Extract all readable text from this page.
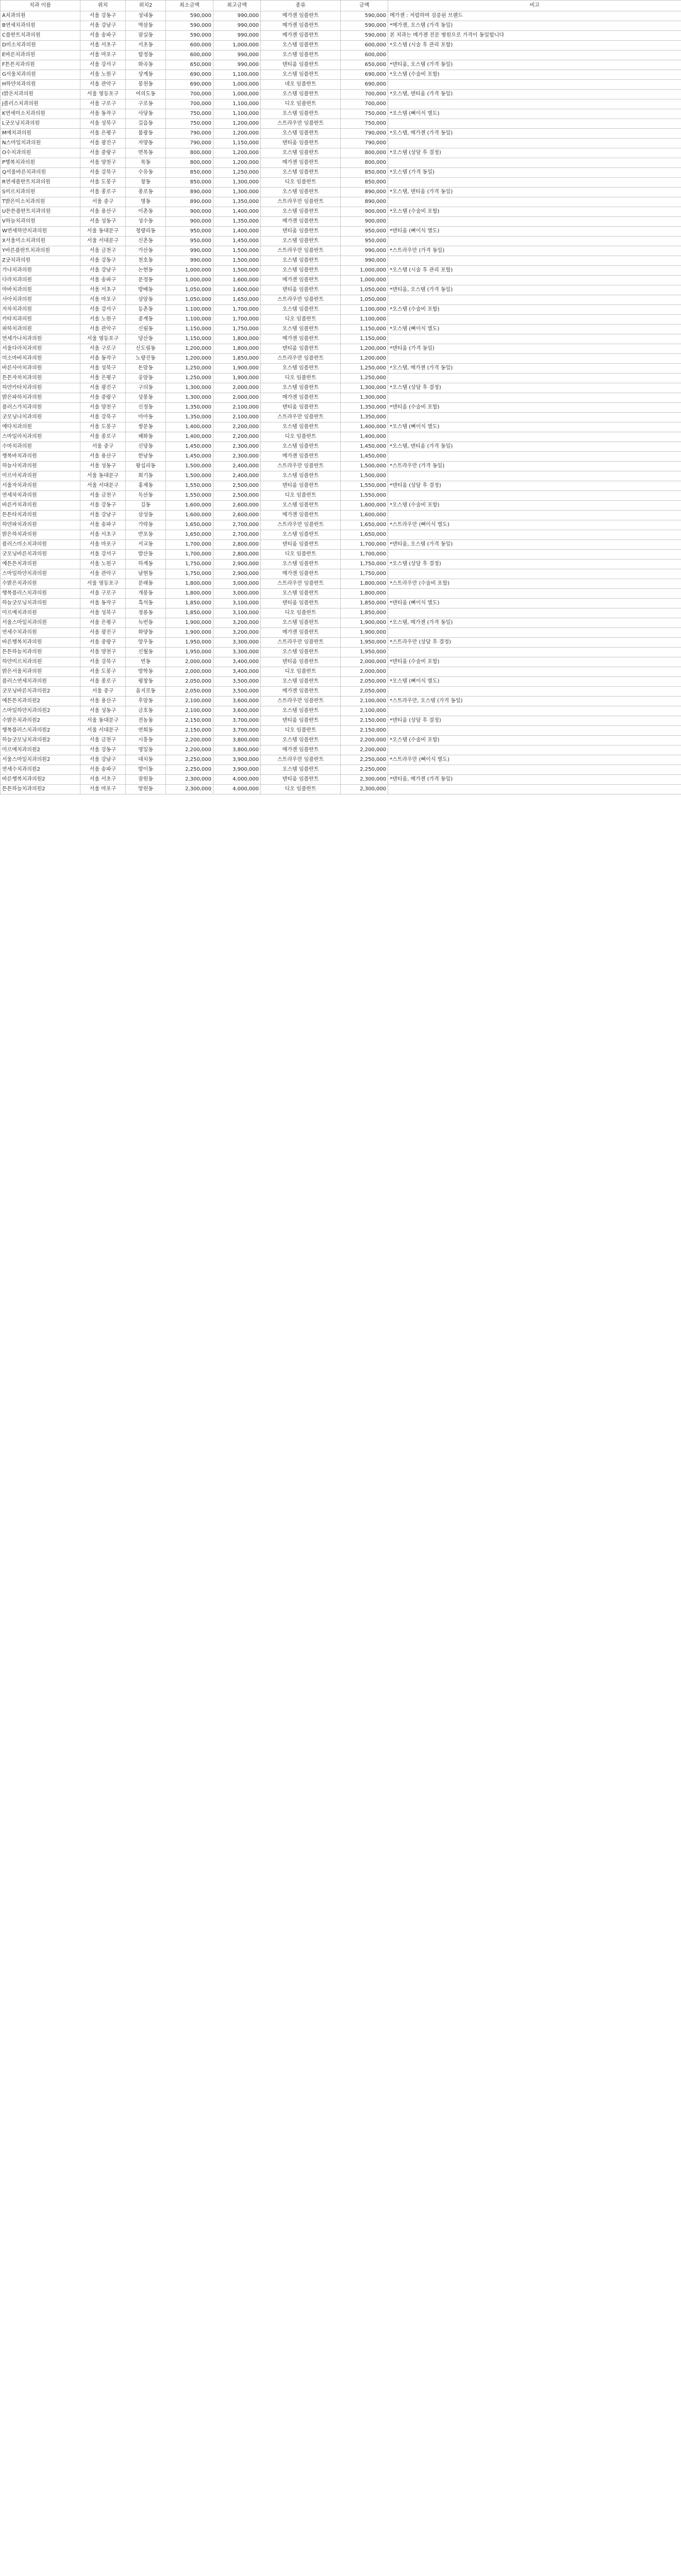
치과 이름	위치	위치2	최소금액	최고금액	종류	금액	비고
A치과의원	서울 강동구	성내동	590,000	990,000	메가젠 임플란트	590,000	메가젠 : 저렴하며 검증된 브랜드
B연세치과의원	서울 강남구	역삼동	590,000	990,000	메가젠 임플란트	590,000	*메가젠, 오스템 (가격 동일)
C플란트치과의원	서울 송파구	잠실동	590,000	990,000	메가젠 임플란트	590,000	본 치과는 메가젠 전문 병원으로 가격이 동일합니다
D미소치과의원	서울 서초구	서초동	600,000	1,000,000	오스템 임플란트	600,000	*오스템 (시술 후 관리 포함)
E바른치과의원	서울 마포구	합정동	600,000	990,000	오스템 임플란트	600,000	
F튼튼치과의원	서울 강서구	화곡동	650,000	990,000	덴티움 임플란트	650,000	*덴티움, 오스템 (가격 동일)
G서울치과의원	서울 노원구	상계동	690,000	1,100,000	오스템 임플란트	690,000	*오스템 (수술비 포함)
H하얀치과의원	서울 관악구	봉천동	690,000	1,000,000	네오 임플란트	690,000	
I밝은치과의원	서울 영등포구	여의도동	700,000	1,000,000	오스템 임플란트	700,000	*오스템, 덴티움 (가격 동일)
J플러스치과의원	서울 구로구	구로동	700,000	1,100,000	디오 임플란트	700,000	
K연세미소치과의원	서울 동작구	사당동	750,000	1,100,000	오스템 임플란트	750,000	*오스템 (뼈이식 별도)
L굿모닝치과의원	서울 성북구	길음동	750,000	1,200,000	스트라우만 임플란트	750,000	
M예치과의원	서울 은평구	불광동	790,000	1,200,000	오스템 임플란트	790,000	*오스템, 메가젠 (가격 동일)
N스마일치과의원	서울 광진구	자양동	790,000	1,150,000	덴티움 임플란트	790,000	
O수치과의원	서울 중랑구	면목동	800,000	1,200,000	오스템 임플란트	800,000	*오스템 (상담 후 결정)
P행복치과의원	서울 양천구	목동	800,000	1,200,000	메가젠 임플란트	800,000	
Q서울바른치과의원	서울 강북구	수유동	850,000	1,250,000	오스템 임플란트	850,000	*오스템 (가격 동일)
R연세플란트치과의원	서울 도봉구	창동	850,000	1,300,000	디오 임플란트	850,000	
S미르치과의원	서울 종로구	종로동	890,000	1,300,000	오스템 임플란트	890,000	*오스템, 덴티움 (가격 동일)
T밝은미소치과의원	서울 중구	명동	890,000	1,350,000	스트라우만 임플란트	890,000	
U튼튼플란트치과의원	서울 용산구	이촌동	900,000	1,400,000	오스템 임플란트	900,000	*오스템 (수술비 포함)
V하늘치과의원	서울 성동구	성수동	900,000	1,350,000	메가젠 임플란트	900,000	
W연세하얀치과의원	서울 동대문구	청량리동	950,000	1,400,000	덴티움 임플란트	950,000	*덴티움 (뼈이식 별도)
X서울미소치과의원	서울 서대문구	신촌동	950,000	1,450,000	오스템 임플란트	950,000	
Y바른플란트치과의원	서울 금천구	가산동	990,000	1,500,000	스트라우만 임플란트	990,000	*스트라우만 (가격 동일)
Z굿치과의원	서울 강동구	천호동	990,000	1,500,000	오스템 임플란트	990,000	
가나치과의원	서울 강남구	논현동	1,000,000	1,500,000	오스템 임플란트	1,000,000	*오스템 (시술 후 관리 포함)
다라치과의원	서울 송파구	문정동	1,000,000	1,600,000	메가젠 임플란트	1,000,000	
마바치과의원	서울 서초구	방배동	1,050,000	1,600,000	덴티움 임플란트	1,050,000	*덴티움, 오스템 (가격 동일)
사아치과의원	서울 마포구	상암동	1,050,000	1,650,000	스트라우만 임플란트	1,050,000	
자차치과의원	서울 강서구	등촌동	1,100,000	1,700,000	오스템 임플란트	1,100,000	*오스템 (수술비 포함)
카타치과의원	서울 노원구	중계동	1,100,000	1,700,000	디오 임플란트	1,100,000	
파하치과의원	서울 관악구	신림동	1,150,000	1,750,000	오스템 임플란트	1,150,000	*오스템 (뼈이식 별도)
연세가나치과의원	서울 영등포구	당산동	1,150,000	1,800,000	메가젠 임플란트	1,150,000	
서울다라치과의원	서울 구로구	신도림동	1,200,000	1,800,000	덴티움 임플란트	1,200,000	*덴티움 (가격 동일)
미소마바치과의원	서울 동작구	노량진동	1,200,000	1,850,000	스트라우만 임플란트	1,200,000	
바른사아치과의원	서울 성북구	돈암동	1,250,000	1,900,000	오스템 임플란트	1,250,000	*오스템, 메가젠 (가격 동일)
튼튼자차치과의원	서울 은평구	응암동	1,250,000	1,900,000	디오 임플란트	1,250,000	
하얀카타치과의원	서울 광진구	구의동	1,300,000	2,000,000	오스템 임플란트	1,300,000	*오스템 (상담 후 결정)
밝은파하치과의원	서울 중랑구	상봉동	1,300,000	2,000,000	메가젠 임플란트	1,300,000	
플러스가치과의원	서울 양천구	신정동	1,350,000	2,100,000	덴티움 임플란트	1,350,000	*덴티움 (수술비 포함)
굿모닝나치과의원	서울 강북구	미아동	1,350,000	2,100,000	스트라우만 임플란트	1,350,000	
예다치과의원	서울 도봉구	쌍문동	1,400,000	2,200,000	오스템 임플란트	1,400,000	*오스템 (뼈이식 별도)
스마일라치과의원	서울 종로구	혜화동	1,400,000	2,200,000	디오 임플란트	1,400,000	
수마치과의원	서울 중구	신당동	1,450,000	2,300,000	오스템 임플란트	1,450,000	*오스템, 덴티움 (가격 동일)
행복바치과의원	서울 용산구	한남동	1,450,000	2,300,000	메가젠 임플란트	1,450,000	
하늘사치과의원	서울 성동구	왕십리동	1,500,000	2,400,000	스트라우만 임플란트	1,500,000	*스트라우만 (가격 동일)
미르아치과의원	서울 동대문구	회기동	1,500,000	2,400,000	오스템 임플란트	1,500,000	
서울자치과의원	서울 서대문구	홍제동	1,550,000	2,500,000	덴티움 임플란트	1,550,000	*덴티움 (상담 후 결정)
연세차치과의원	서울 금천구	독산동	1,550,000	2,500,000	디오 임플란트	1,550,000	
바른카치과의원	서울 강동구	길동	1,600,000	2,600,000	오스템 임플란트	1,600,000	*오스템 (수술비 포함)
튼튼타치과의원	서울 강남구	삼성동	1,600,000	2,600,000	메가젠 임플란트	1,600,000	
하얀파치과의원	서울 송파구	가락동	1,650,000	2,700,000	스트라우만 임플란트	1,650,000	*스트라우만 (뼈이식 별도)
밝은하치과의원	서울 서초구	반포동	1,650,000	2,700,000	오스템 임플란트	1,650,000	
플러스미소치과의원	서울 마포구	서교동	1,700,000	2,800,000	덴티움 임플란트	1,700,000	*덴티움, 오스템 (가격 동일)
굿모닝바른치과의원	서울 강서구	발산동	1,700,000	2,800,000	디오 임플란트	1,700,000	
예튼튼치과의원	서울 노원구	하계동	1,750,000	2,900,000	오스템 임플란트	1,750,000	*오스템 (상담 후 결정)
스마일하얀치과의원	서울 관악구	남현동	1,750,000	2,900,000	메가젠 임플란트	1,750,000	
수밝은치과의원	서울 영등포구	문래동	1,800,000	3,000,000	스트라우만 임플란트	1,800,000	*스트라우만 (수술비 포함)
행복플러스치과의원	서울 구로구	개봉동	1,800,000	3,000,000	오스템 임플란트	1,800,000	
하늘굿모닝치과의원	서울 동작구	흑석동	1,850,000	3,100,000	덴티움 임플란트	1,850,000	*덴티움 (뼈이식 별도)
미르예치과의원	서울 성북구	정릉동	1,850,000	3,100,000	디오 임플란트	1,850,000	
서울스마일치과의원	서울 은평구	녹번동	1,900,000	3,200,000	오스템 임플란트	1,900,000	*오스템, 메가젠 (가격 동일)
연세수치과의원	서울 광진구	화양동	1,900,000	3,200,000	메가젠 임플란트	1,900,000	
바른행복치과의원	서울 중랑구	망우동	1,950,000	3,300,000	스트라우만 임플란트	1,950,000	*스트라우만 (상담 후 결정)
튼튼하늘치과의원	서울 양천구	신월동	1,950,000	3,300,000	오스템 임플란트	1,950,000	
하얀미르치과의원	서울 강북구	번동	2,000,000	3,400,000	덴티움 임플란트	2,000,000	*덴티움 (수술비 포함)
밝은서울치과의원	서울 도봉구	방학동	2,000,000	3,400,000	디오 임플란트	2,000,000	
플러스연세치과의원	서울 종로구	평창동	2,050,000	3,500,000	오스템 임플란트	2,050,000	*오스템 (뼈이식 별도)
굿모닝바른치과의원2	서울 중구	을지로동	2,050,000	3,500,000	메가젠 임플란트	2,050,000	
예튼튼치과의원2	서울 용산구	후암동	2,100,000	3,600,000	스트라우만 임플란트	2,100,000	*스트라우만, 오스템 (가격 동일)
스마일하얀치과의원2	서울 성동구	금호동	2,100,000	3,600,000	오스템 임플란트	2,100,000	
수밝은치과의원2	서울 동대문구	전농동	2,150,000	3,700,000	덴티움 임플란트	2,150,000	*덴티움 (상담 후 결정)
행복플러스치과의원2	서울 서대문구	연희동	2,150,000	3,700,000	디오 임플란트	2,150,000	
하늘굿모닝치과의원2	서울 금천구	시흥동	2,200,000	3,800,000	오스템 임플란트	2,200,000	*오스템 (수술비 포함)
미르예치과의원2	서울 강동구	명일동	2,200,000	3,800,000	메가젠 임플란트	2,200,000	
서울스마일치과의원2	서울 강남구	대치동	2,250,000	3,900,000	스트라우만 임플란트	2,250,000	*스트라우만 (뼈이식 별도)
연세수치과의원2	서울 송파구	방이동	2,250,000	3,900,000	오스템 임플란트	2,250,000	
바른행복치과의원2	서울 서초구	잠원동	2,300,000	4,000,000	덴티움 임플란트	2,300,000	*덴티움, 메가젠 (가격 동일)
튼튼하늘치과의원2	서울 마포구	망원동	2,300,000	4,000,000	디오 임플란트	2,300,000	
